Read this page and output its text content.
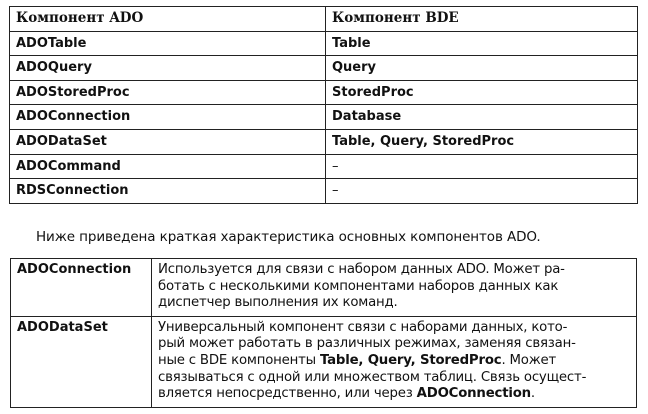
Компонент ADO	Компонент BDE
ADOTable	Table
ADOQuery	Query
ADOStoredProc	StoredProc
ADOConnection	Database
ADODataSet	Table, Query, StoredProc
ADOCommand	–
RDSConnection	–
Ниже приведена краткая характеристика основных компонентов ADO.
ADOConnection	Используется для связи с набором данных ADO. Может ра-
ботать с несколькими компонентами наборов данных как
диспетчер выполнения их команд.

ADODataSet	Универсальный компонент связи с наборами данных, кото-
рый может работать в различных режимах, заменяя связан-
ные с BDE компоненты Table, Query, StoredProc. Может
связываться с одной или множеством таблиц. Связь осущест-
вляется непосредственно, или через ADOConnection.
